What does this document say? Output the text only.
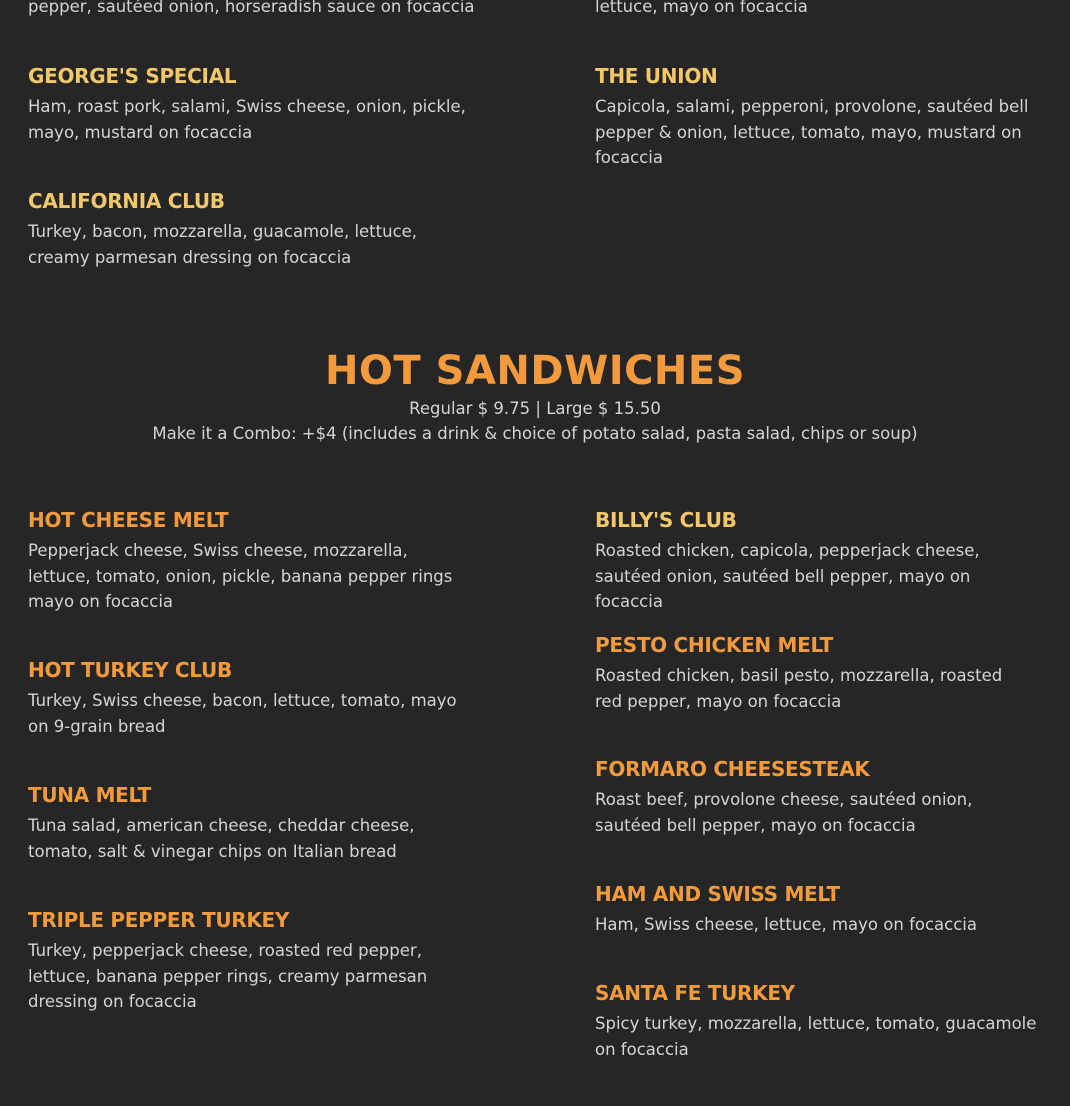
pepper, sautéed onion, horseradish sauce on focaccia	lettuce, mayo on focaccia
GEORGE'S SPECIAL
Ham, roast pork, salami, Swiss cheese, onion, pickle, mayo, mustard on focaccia
THE UNION
Capicola, salami, pepperoni, provolone, sautéed bell pepper & onion, lettuce, tomato, mayo, mustard on focaccia
CALIFORNIA CLUB
Turkey, bacon, mozzarella, guacamole, lettuce, creamy parmesan dressing on focaccia
HOT SANDWICHES
Regular $ 9.75 | Large $ 15.50
Make it a Combo: +$4 (includes a drink & choice of potato salad, pasta salad, chips or soup)
HOT CHEESE MELT
Pepperjack cheese, Swiss cheese, mozzarella, lettuce, tomato, onion, pickle, banana pepper rings mayo on focaccia
HOT TURKEY CLUB
Turkey, Swiss cheese, bacon, lettuce, tomato, mayo on 9-grain bread
TUNA MELT
Tuna salad, american cheese, cheddar cheese, tomato, salt & vinegar chips on Italian bread
TRIPLE PEPPER TURKEY
Turkey, pepperjack cheese, roasted red pepper, lettuce, banana pepper rings, creamy parmesan dressing on focaccia
BILLY'S CLUB
Roasted chicken, capicola, pepperjack cheese, sautéed onion, sautéed bell pepper, mayo on focaccia
PESTO CHICKEN MELT
Roasted chicken, basil pesto, mozzarella, roasted red pepper, mayo on focaccia
FORMARO CHEESESTEAK
Roast beef, provolone cheese, sautéed onion, sautéed bell pepper, mayo on focaccia
HAM AND SWISS MELT
Ham, Swiss cheese, lettuce, mayo on focaccia
SANTA FE TURKEY
Spicy turkey, mozzarella, lettuce, tomato, guacamole on focaccia
